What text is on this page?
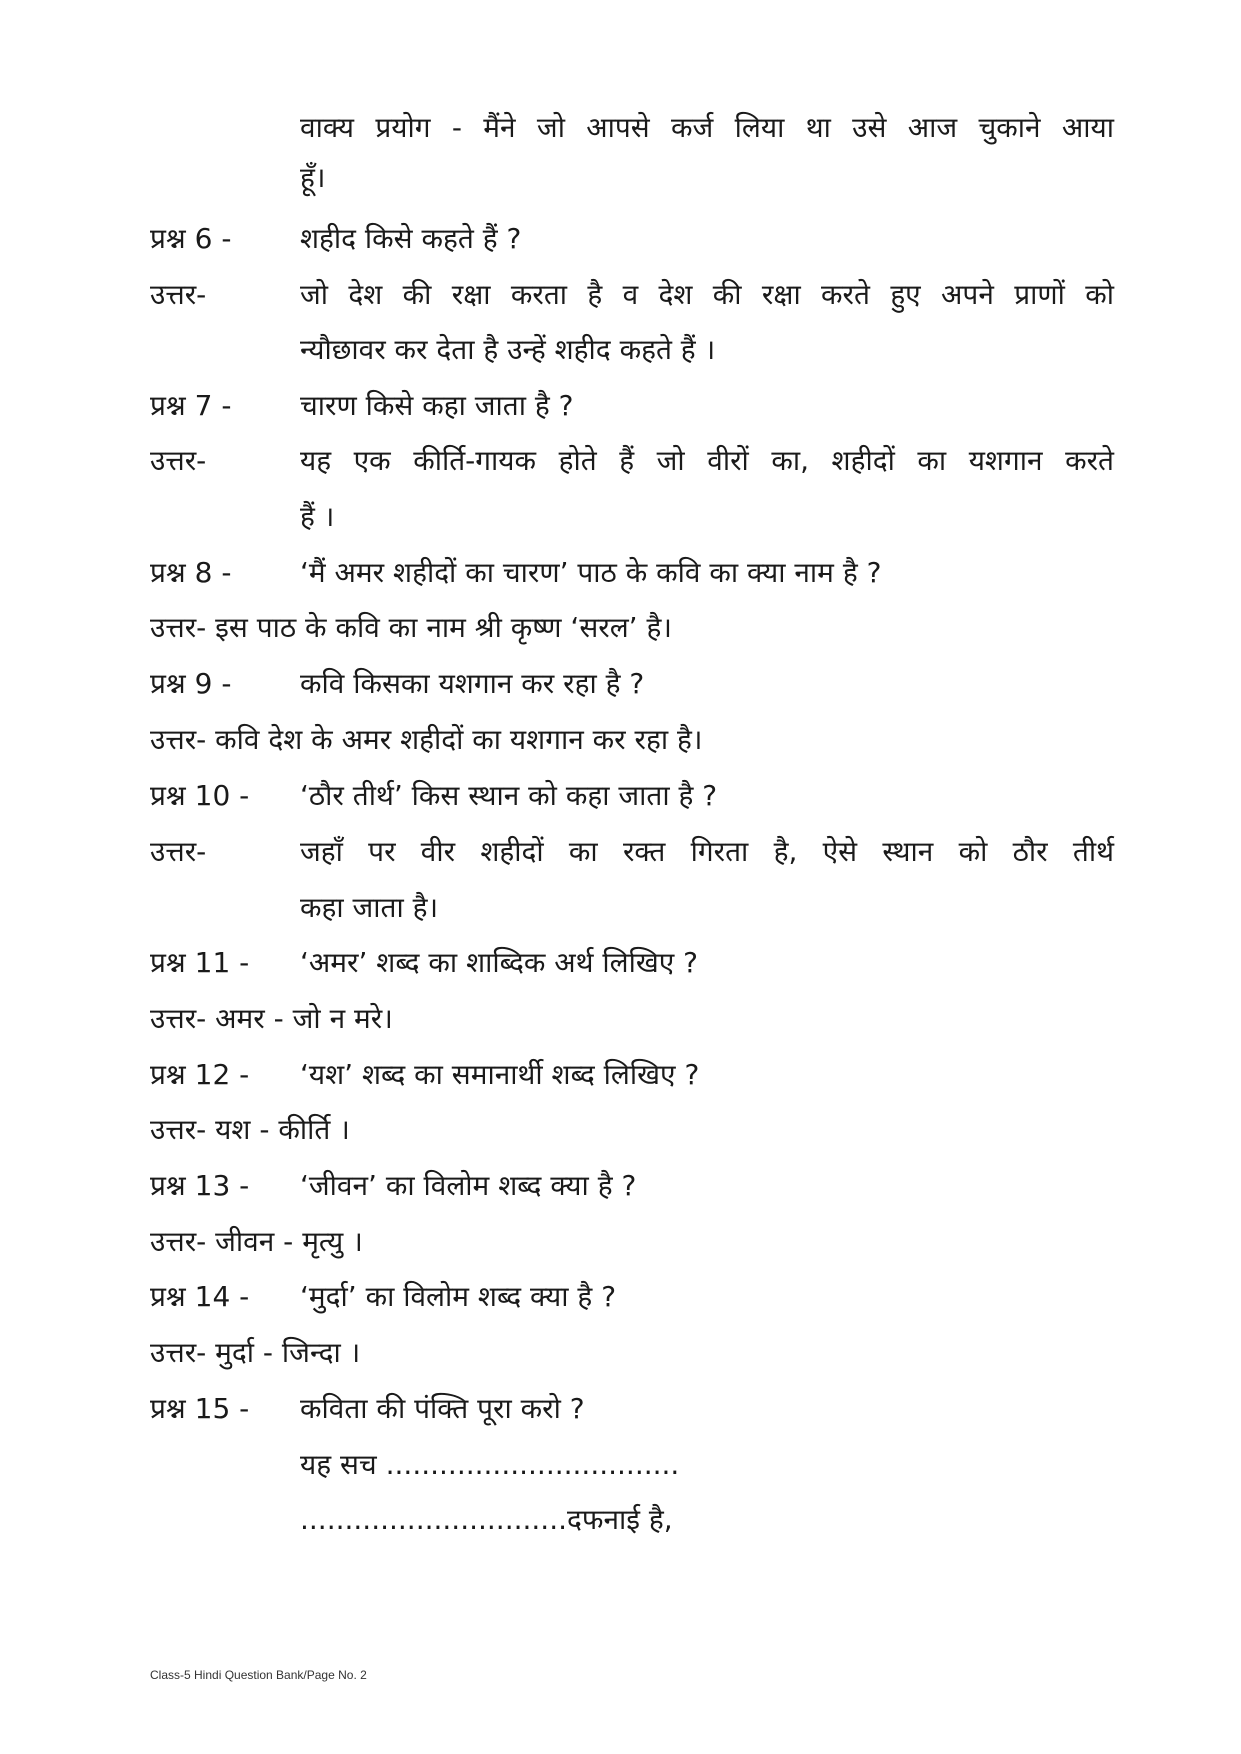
वाक्य प्रयोग - मैंने जो आपसे कर्ज लिया था उसे आज चुकाने आया
हूँ।
प्रश्न 6 - शहीद किसे कहते हैं ?
उत्तर-	जो देश की रक्षा करता है व देश की रक्षा करते हुए अपने प्राणों को
न्यौछावर कर देता है उन्हें शहीद कहते हैं ।
प्रश्न 7 - चारण किसे कहा जाता है ?
उत्तर-	यह एक कीर्ति-गायक होते हैं जो वीरों का, शहीदों का यशगान करते
हैं ।
प्रश्न 8 - ‘मैं अमर शहीदों का चारण’ पाठ के कवि का क्या नाम है ?
उत्तर- इस पाठ के कवि का नाम श्री कृष्ण ‘सरल’ है।
प्रश्न 9 - कवि किसका यशगान कर रहा है ?
उत्तर- कवि देश के अमर शहीदों का यशगान कर रहा है।
प्रश्न 10 - ‘ठौर तीर्थ’ किस स्थान को कहा जाता है ?
उत्तर-	जहाँ पर वीर शहीदों का रक्त गिरता है, ऐसे स्थान को ठौर तीर्थ
कहा जाता है।
प्रश्न 11 - ‘अमर’ शब्द का शाब्दिक अर्थ लिखिए ?
उत्तर- अमर - जो न मरे।
प्रश्न 12 - ‘यश’ शब्द का समानार्थी शब्द लिखिए ?
उत्तर- यश - कीर्ति ।
प्रश्न 13 - ‘जीवन’ का विलोम शब्द क्या है ?
उत्तर- जीवन - मृत्यु ।
प्रश्न 14 - ‘मुर्दा’ का विलोम शब्द क्या है ?
उत्तर- मुर्दा - जिन्दा ।
प्रश्न 15 - कविता की पंक्ति पूरा करो ?
यह सच .................................
..............................दफनाई है,
Class-5 Hindi Question Bank/Page No. 2
